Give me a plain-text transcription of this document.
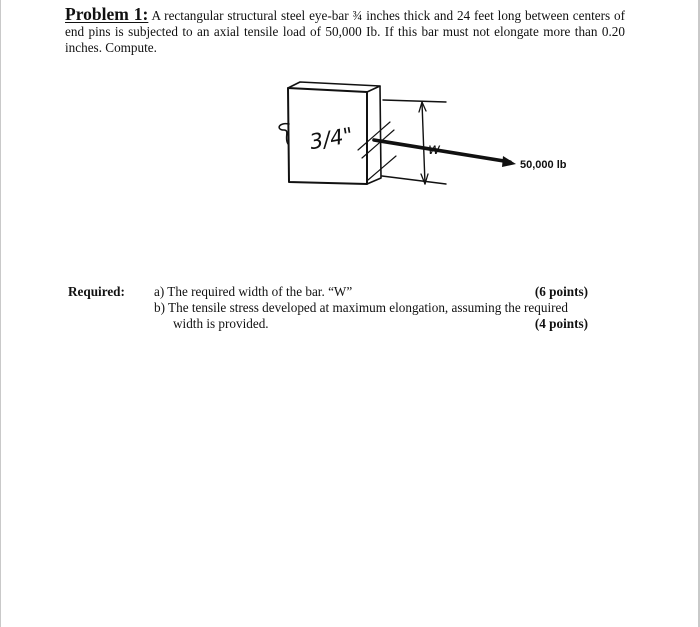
Problem 1: A rectangular structural steel eye-bar ¾ inches thick and 24 feet long between centers of end pins is subjected to an axial tensile load of 50,000 Ib. If this bar must not elongate more than 0.20 inches. Compute.
3/4"	w
50,000 lb
Required: a) The required width of the bar. “W”	(6 points)
b) The tensile stress developed at maximum elongation, assuming the required
width is provided.	(4 points)
